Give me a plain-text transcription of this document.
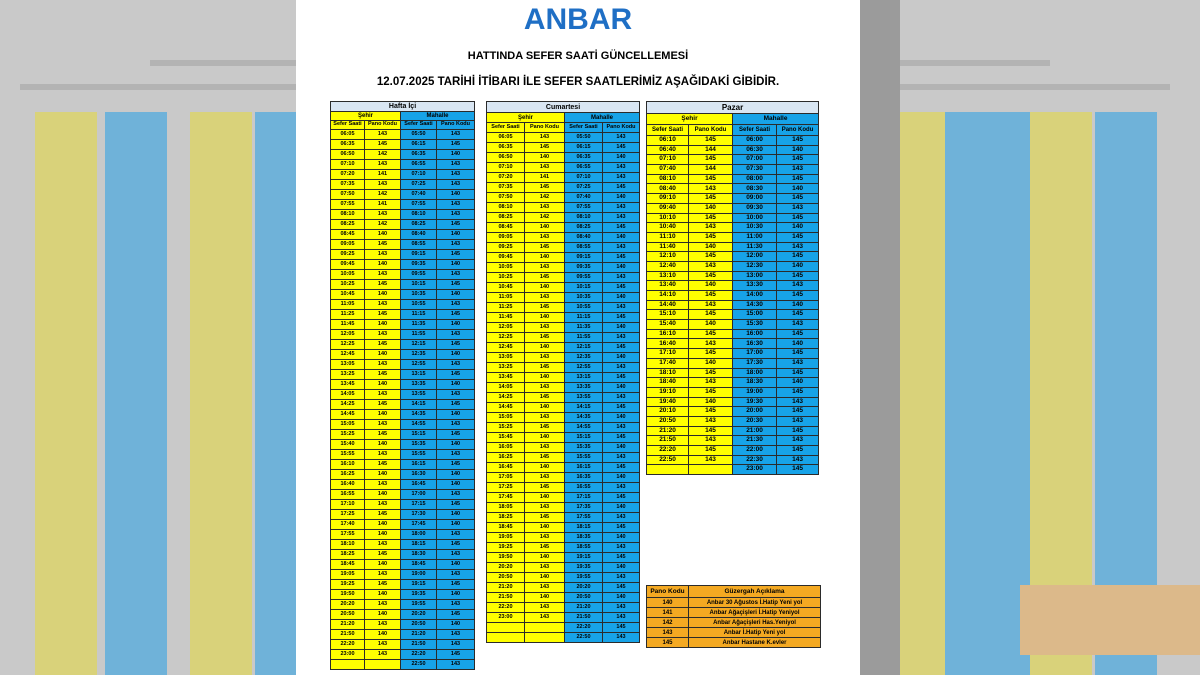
ANBAR
HATTINDA SEFER SAATİ GÜNCELLEMESİ
12.07.2025 TARİHİ İTİBARI İLE SEFER SAATLERİMİZ AŞAĞIDAKİ GİBİDİR.
Hafta İçi			
Şehir		Mahalle	
Sefer Saati	Pano Kodu	Sefer Saati	Pano Kodu
06:05	143	05:50	143
06:35	145	06:15	145
06:50	142	06:35	140
07:10	143	06:55	143
07:20	141	07:10	143
07:35	143	07:25	143
07:50	142	07:40	140
07:55	141	07:55	143
08:10	143	08:10	143
08:25	142	08:25	145
08:45	140	08:40	140
09:05	145	08:55	143
09:25	143	09:15	145
09:45	140	09:35	140
10:05	143	09:55	143
10:25	145	10:15	145
10:45	140	10:35	140
11:05	143	10:55	143
11:25	145	11:15	145
11:45	140	11:35	140
12:05	143	11:55	143
12:25	145	12:15	145
12:45	140	12:35	140
13:05	143	12:55	143
13:25	145	13:15	145
13:45	140	13:35	140
14:05	143	13:55	143
14:25	145	14:15	145
14:45	140	14:35	140
15:05	143	14:55	143
15:25	145	15:15	145
15:40	140	15:35	140
15:55	143	15:55	143
16:10	145	16:15	145
16:25	140	16:30	140
16:40	143	16:45	140
16:55	140	17:00	143
17:10	143	17:15	145
17:25	145	17:30	140
17:40	140	17:45	140
17:55	140	18:00	143
18:10	143	18:15	145
18:25	145	18:30	143
18:45	140	18:45	140
19:05	143	19:00	143
19:25	145	19:15	145
19:50	140	19:35	140
20:20	143	19:55	143
20:50	140	20:20	145
21:20	143	20:50	140
21:50	140	21:20	143
22:20	143	21:50	143
23:00	143	22:20	145
		22:50	143
Cumartesi			
Şehir		Mahalle	
Sefer Saati	Pano Kodu	Sefer Saati	Pano Kodu
06:05	143	05:50	143
06:35	145	06:15	145
06:50	140	06:35	140
07:10	143	06:55	143
07:20	141	07:10	143
07:35	145	07:25	145
07:50	142	07:40	140
08:10	143	07:55	143
08:25	142	08:10	143
08:45	140	08:25	145
09:05	143	08:40	140
09:25	145	08:55	143
09:45	140	09:15	145
10:05	143	09:35	140
10:25	145	09:55	143
10:45	140	10:15	145
11:05	143	10:35	140
11:25	145	10:55	143
11:45	140	11:15	145
12:05	143	11:35	140
12:25	145	11:55	143
12:45	140	12:15	145
13:05	143	12:35	140
13:25	145	12:55	143
13:45	140	13:15	145
14:05	143	13:35	140
14:25	145	13:55	143
14:45	140	14:15	145
15:05	143	14:35	140
15:25	145	14:55	143
15:45	140	15:15	145
16:05	143	15:35	140
16:25	145	15:55	143
16:45	140	16:15	145
17:05	143	16:35	140
17:25	145	16:55	143
17:45	140	17:15	145
18:05	143	17:35	140
18:25	145	17:55	143
18:45	140	18:15	145
19:05	143	18:35	140
19:25	145	18:55	143
19:50	140	19:15	145
20:20	143	19:35	140
20:50	140	19:55	143
21:20	143	20:20	145
21:50	140	20:50	140
22:20	143	21:20	143
23:00	143	21:50	143
		22:20	145
		22:50	143
Pazar			
Şehir		Mahalle	
Sefer Saati	Pano Kodu	Sefer Saati	Pano Kodu
06:10	145	06:00	145
06:40	144	06:30	140
07:10	145	07:00	145
07:40	144	07:30	143
08:10	145	08:00	145
08:40	143	08:30	140
09:10	145	09:00	145
09:40	140	09:30	143
10:10	145	10:00	145
10:40	143	10:30	140
11:10	145	11:00	145
11:40	140	11:30	143
12:10	145	12:00	145
12:40	143	12:30	140
13:10	145	13:00	145
13:40	140	13:30	143
14:10	145	14:00	145
14:40	143	14:30	140
15:10	145	15:00	145
15:40	140	15:30	143
16:10	145	16:00	145
16:40	143	16:30	140
17:10	145	17:00	145
17:40	140	17:30	143
18:10	145	18:00	145
18:40	143	18:30	140
19:10	145	19:00	145
19:40	140	19:30	143
20:10	145	20:00	145
20:50	143	20:30	143
21:20	145	21:00	145
21:50	143	21:30	143
22:20	145	22:00	145
22:50	143	22:30	143
		23:00	145
Pano Kodu	Güzergah Açıklama
140	Anbar 30 Ağustos İ.Hatip Yeni yol
141	Anbar Ağaçişleri İ.Hatip Yeniyol
142	Anbar Ağaçişleri Has.Yeniyol
143	Anbar İ.Hatip Yeni yol
145	Anbar Hastane K.evler
